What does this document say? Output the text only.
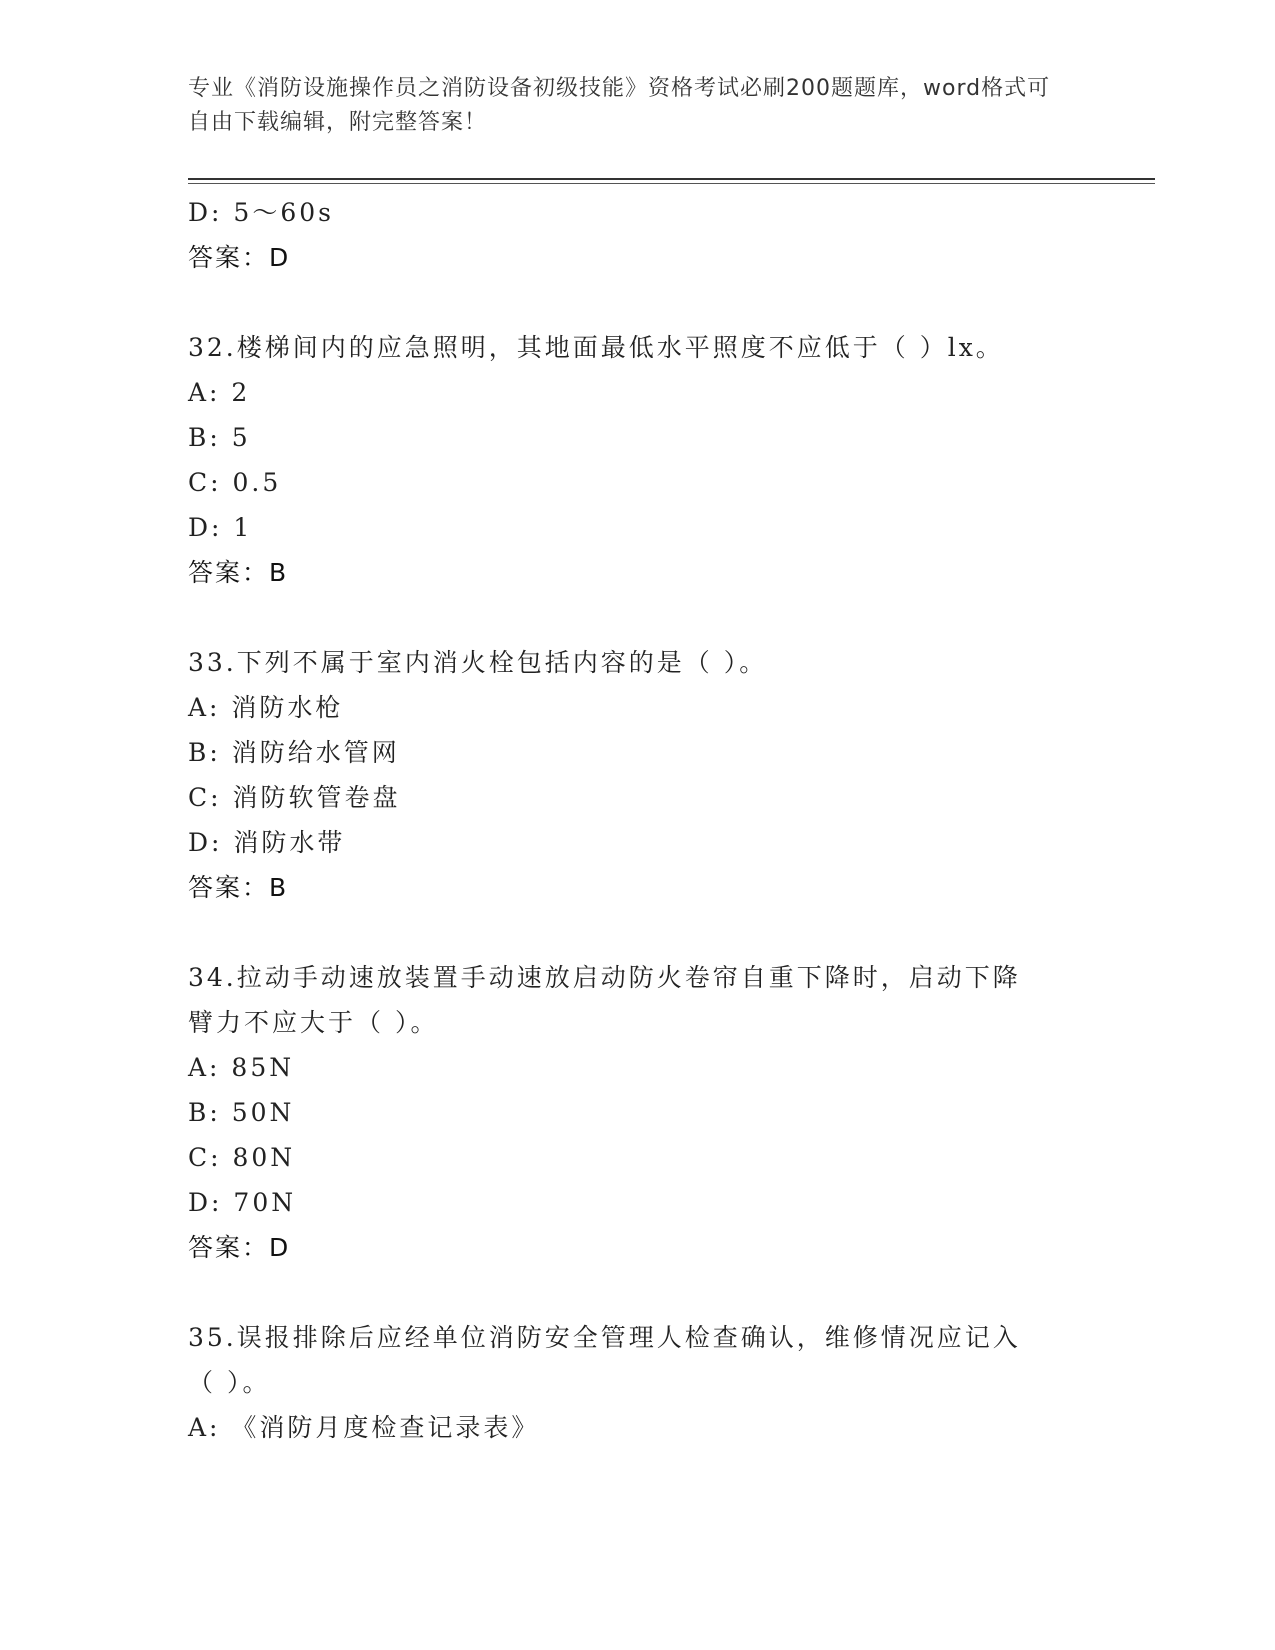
专业《消防设施操作员之消防设备初级技能》资格考试必刷200题题库，word格式可自由下载编辑，附完整答案！
D: 5～60s
答案：D
32.楼梯间内的应急照明，其地面最低水平照度不应低于（ ）lx。
A: 2
B: 5
C: 0.5
D: 1
答案：B
33.下列不属于室内消火栓包括内容的是（ ）。
A: 消防水枪
B: 消防给水管网
C: 消防软管卷盘
D: 消防水带
答案：B
34.拉动手动速放装置手动速放启动防火卷帘自重下降时，启动下降臂力不应大于（ ）。
A: 85N
B: 50N
C: 80N
D: 70N
答案：D
35.误报排除后应经单位消防安全管理人检查确认，维修情况应记入（ ）。
A: 《消防月度检查记录表》
